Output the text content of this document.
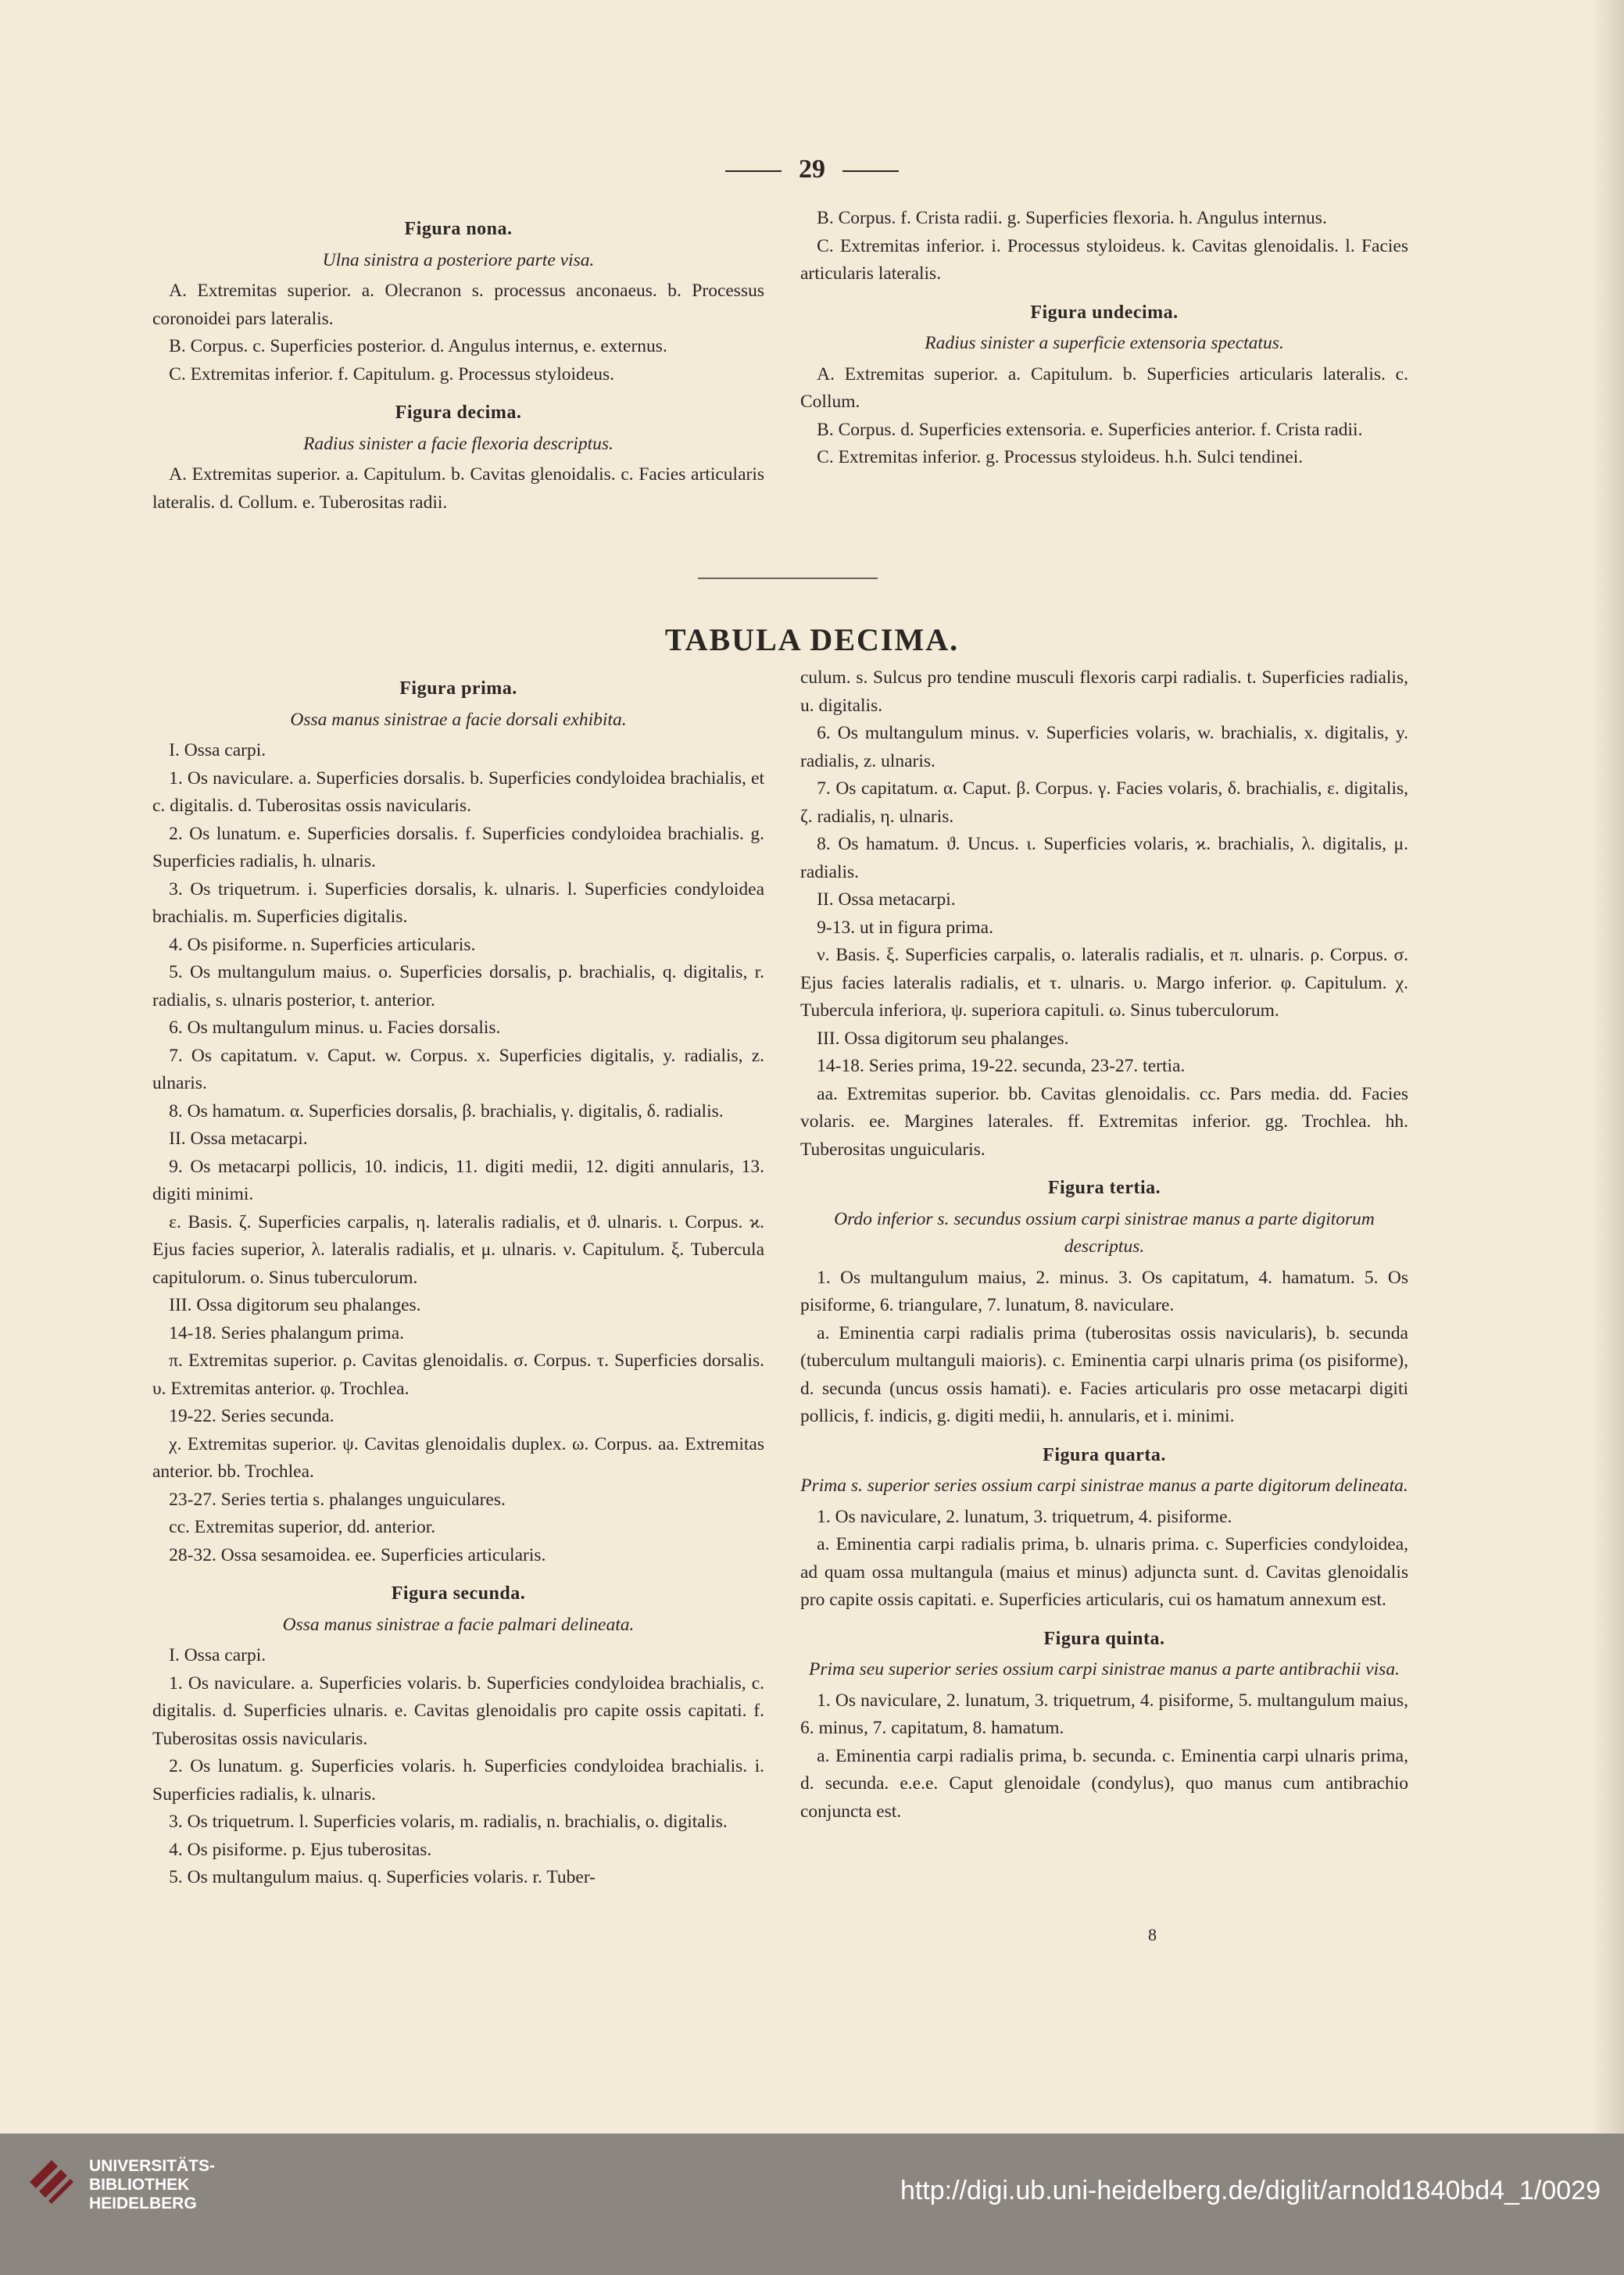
29

Figura nona.

Ulna sinistra a posteriore parte visa.

A. Extremitas superior. a. Olecranon s. processus anconaeus. b. Processus coronoidei pars lateralis.

B. Corpus. c. Superficies posterior. d. Angulus internus, e. externus.

C. Extremitas inferior. f. Capitulum. g. Processus styloideus.

Figura decima.

Radius sinister a facie flexoria descriptus.

A. Extremitas superior. a. Capitulum. b. Cavitas glenoidalis. c. Facies articularis lateralis. d. Collum. e. Tuberositas radii.

B. Corpus. f. Crista radii. g. Superficies flexoria. h. Angulus internus.

C. Extremitas inferior. i. Processus styloideus. k. Cavitas glenoidalis. l. Facies articularis lateralis.

Figura undecima.

Radius sinister a superficie extensoria spectatus.

A. Extremitas superior. a. Capitulum. b. Superficies articularis lateralis. c. Collum.

B. Corpus. d. Superficies extensoria. e. Superficies anterior. f. Crista radii.

C. Extremitas inferior. g. Processus styloideus. h.h. Sulci tendinei.

TABULA DECIMA.

Figura prima.

Ossa manus sinistrae a facie dorsali exhibita.

I. Ossa carpi.

1. Os naviculare. a. Superficies dorsalis. b. Superficies condyloidea brachialis, et c. digitalis. d. Tuberositas ossis navicularis.

2. Os lunatum. e. Superficies dorsalis. f. Superficies condyloidea brachialis. g. Superficies radialis, h. ulnaris.

3. Os triquetrum. i. Superficies dorsalis, k. ulnaris. l. Superficies condyloidea brachialis. m. Superficies digitalis.

4. Os pisiforme. n. Superficies articularis.

5. Os multangulum maius. o. Superficies dorsalis, p. brachialis, q. digitalis, r. radialis, s. ulnaris posterior, t. anterior.

6. Os multangulum minus. u. Facies dorsalis.

7. Os capitatum. v. Caput. w. Corpus. x. Superficies digitalis, y. radialis, z. ulnaris.

8. Os hamatum. α. Superficies dorsalis, β. brachialis, γ. digitalis, δ. radialis.

II. Ossa metacarpi.

9. Os metacarpi pollicis, 10. indicis, 11. digiti medii, 12. digiti annularis, 13. digiti minimi.

ε. Basis. ζ. Superficies carpalis, η. lateralis radialis, et ϑ. ulnaris. ι. Corpus. ϰ. Ejus facies superior, λ. lateralis radialis, et μ. ulnaris. ν. Capitulum. ξ. Tubercula capitulorum. ο. Sinus tuberculorum.

III. Ossa digitorum seu phalanges.

14-18. Series phalangum prima.

π. Extremitas superior. ρ. Cavitas glenoidalis. σ. Corpus. τ. Superficies dorsalis. υ. Extremitas anterior. φ. Trochlea.

19-22. Series secunda.

χ. Extremitas superior. ψ. Cavitas glenoidalis duplex. ω. Corpus. aa. Extremitas anterior. bb. Trochlea.

23-27. Series tertia s. phalanges unguiculares.

cc. Extremitas superior, dd. anterior.

28-32. Ossa sesamoidea. ee. Superficies articularis.

Figura secunda.

Ossa manus sinistrae a facie palmari delineata.

I. Ossa carpi.

1. Os naviculare. a. Superficies volaris. b. Superficies condyloidea brachialis, c. digitalis. d. Superficies ulnaris. e. Cavitas glenoidalis pro capite ossis capitati. f. Tuberositas ossis navicularis.

2. Os lunatum. g. Superficies volaris. h. Superficies condyloidea brachialis. i. Superficies radialis, k. ulnaris.

3. Os triquetrum. l. Superficies volaris, m. radialis, n. brachialis, o. digitalis.

4. Os pisiforme. p. Ejus tuberositas.

5. Os multangulum maius. q. Superficies volaris. r. Tuber-

culum. s. Sulcus pro tendine musculi flexoris carpi radialis. t. Superficies radialis, u. digitalis.

6. Os multangulum minus. v. Superficies volaris, w. brachialis, x. digitalis, y. radialis, z. ulnaris.

7. Os capitatum. α. Caput. β. Corpus. γ. Facies volaris, δ. brachialis, ε. digitalis, ζ. radialis, η. ulnaris.

8. Os hamatum. ϑ. Uncus. ι. Superficies volaris, ϰ. brachialis, λ. digitalis, μ. radialis.

II. Ossa metacarpi.

9-13. ut in figura prima.

ν. Basis. ξ. Superficies carpalis, ο. lateralis radialis, et π. ulnaris. ρ. Corpus. σ. Ejus facies lateralis radialis, et τ. ulnaris. υ. Margo inferior. φ. Capitulum. χ. Tubercula inferiora, ψ. superiora capituli. ω. Sinus tuberculorum.

III. Ossa digitorum seu phalanges.

14-18. Series prima, 19-22. secunda, 23-27. tertia.

aa. Extremitas superior. bb. Cavitas glenoidalis. cc. Pars media. dd. Facies volaris. ee. Margines laterales. ff. Extremitas inferior. gg. Trochlea. hh. Tuberositas unguicularis.

Figura tertia.

Ordo inferior s. secundus ossium carpi sinistrae manus a parte digitorum descriptus.

1. Os multangulum maius, 2. minus. 3. Os capitatum, 4. hamatum. 5. Os pisiforme, 6. triangulare, 7. lunatum, 8. naviculare.

a. Eminentia carpi radialis prima (tuberositas ossis navicularis), b. secunda (tuberculum multanguli maioris). c. Eminentia carpi ulnaris prima (os pisiforme), d. secunda (uncus ossis hamati). e. Facies articularis pro osse metacarpi digiti pollicis, f. indicis, g. digiti medii, h. annularis, et i. minimi.

Figura quarta.

Prima s. superior series ossium carpi sinistrae manus a parte digitorum delineata.

1. Os naviculare, 2. lunatum, 3. triquetrum, 4. pisiforme.

a. Eminentia carpi radialis prima, b. ulnaris prima. c. Superficies condyloidea, ad quam ossa multangula (maius et minus) adjuncta sunt. d. Cavitas glenoidalis pro capite ossis capitati. e. Superficies articularis, cui os hamatum annexum est.

Figura quinta.

Prima seu superior series ossium carpi sinistrae manus a parte antibrachii visa.

1. Os naviculare, 2. lunatum, 3. triquetrum, 4. pisiforme, 5. multangulum maius, 6. minus, 7. capitatum, 8. hamatum.

a. Eminentia carpi radialis prima, b. secunda. c. Eminentia carpi ulnaris prima, d. secunda. e.e.e. Caput glenoidale (condylus), quo manus cum antibrachio conjuncta est.

8
UNIVERSITÄTS-
BIBLIOTHEK
HEIDELBERG	http://digi.ub.uni-heidelberg.de/diglit/arnold1840bd4_1/0029
